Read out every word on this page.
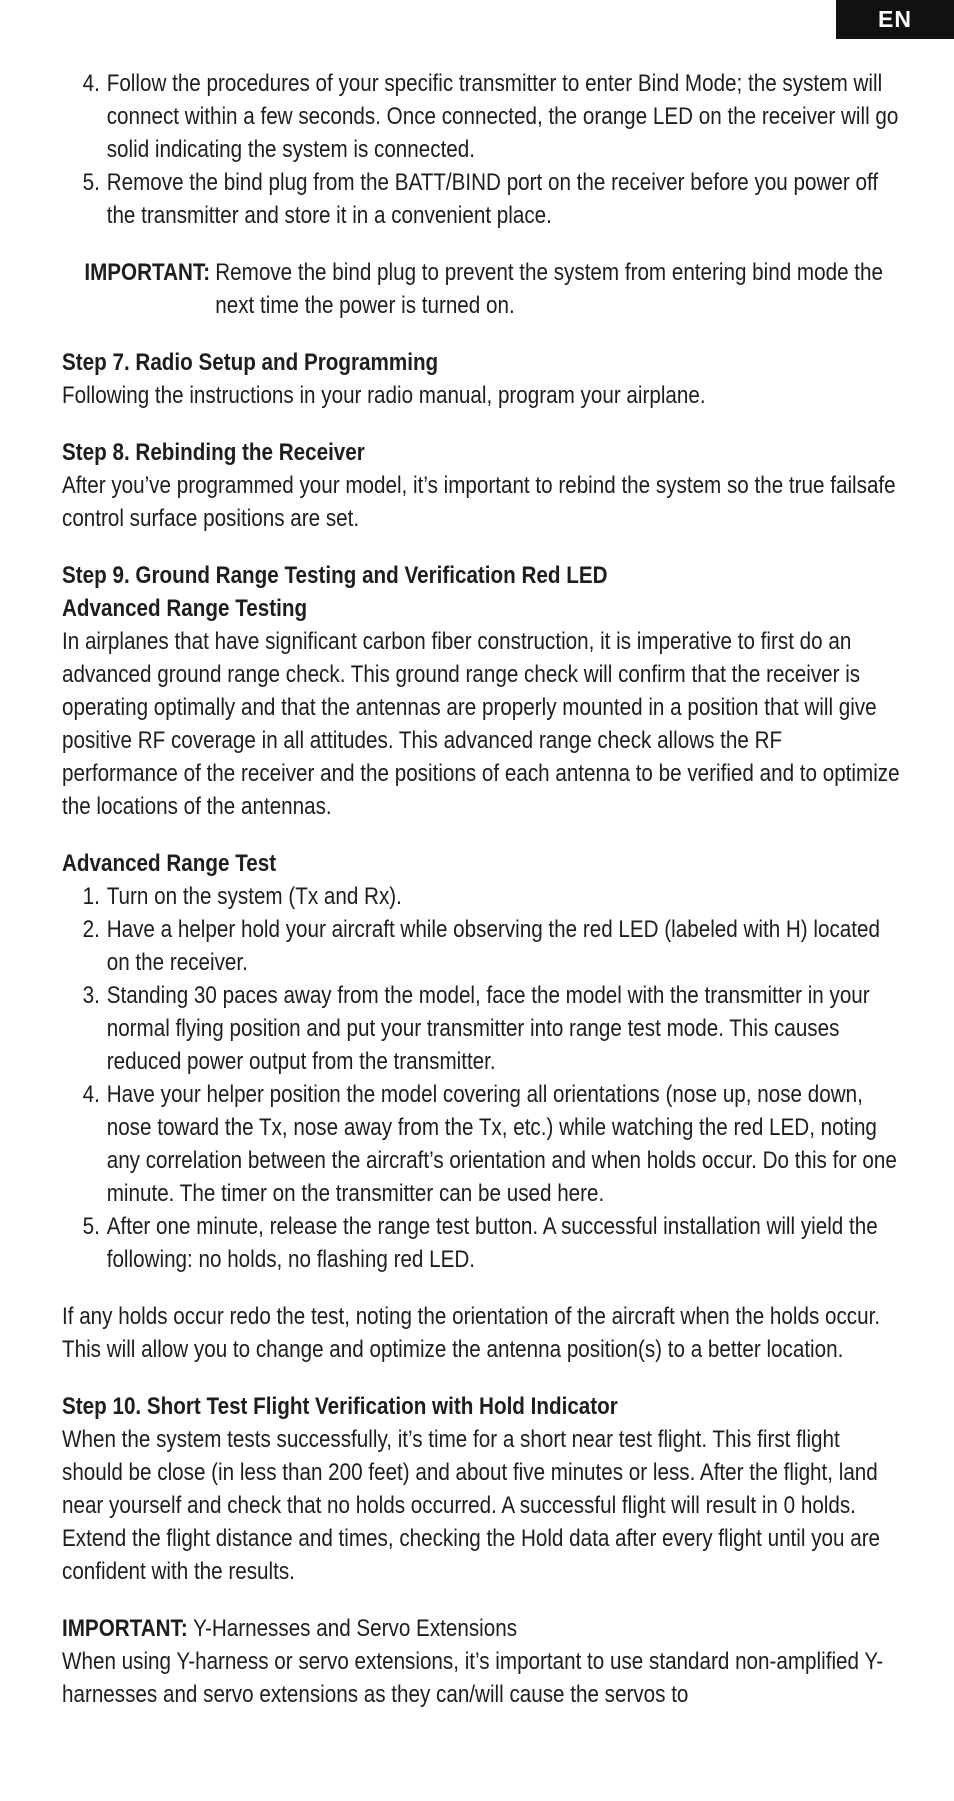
EN
4. Follow the procedures of your specific transmitter to enter Bind Mode; the system will connect within a few seconds. Once connected, the orange LED on the receiver will go solid indicating the system is connected.
5. Remove the bind plug from the BATT/BIND port on the receiver before you power off the transmitter and store it in a convenient place.
IMPORTANT: Remove the bind plug to prevent the system from entering bind mode the next time the power is turned on.

Step 7. Radio Setup and Programming

Following the instructions in your radio manual, program your airplane.

Step 8. Rebinding the Receiver

After you’ve programmed your model, it’s important to rebind the system so the true failsafe control surface positions are set.

Step 9. Ground Range Testing and Verification Red LED

Advanced Range Testing

In airplanes that have significant carbon fiber construction, it is imperative to first do an advanced ground range check. This ground range check will confirm that the receiver is operating optimally and that the antennas are properly mounted in a position that will give positive RF coverage in all attitudes. This advanced range check allows the RF performance of the receiver and the positions of each antenna to be verified and to optimize the locations of the antennas.

Advanced Range Test

1. Turn on the system (Tx and Rx).
2. Have a helper hold your aircraft while observing the red LED (labeled with H) located on the receiver.
3. Standing 30 paces away from the model, face the model with the transmitter in your normal flying position and put your transmitter into range test mode. This causes reduced power output from the transmitter.
4. Have your helper position the model covering all orientations (nose up, nose down, nose toward the Tx, nose away from the Tx, etc.) while watching the red LED, noting any correlation between the aircraft’s orientation and when holds occur. Do this for one minute. The timer on the transmitter can be used here.
5. After one minute, release the range test button. A successful installation will yield the following: no holds, no flashing red LED.

If any holds occur redo the test, noting the orientation of the aircraft when the holds occur. This will allow you to change and optimize the antenna position(s) to a better location.

Step 10. Short Test Flight Verification with Hold Indicator

When the system tests successfully, it’s time for a short near test flight. This first flight should be close (in less than 200 feet) and about five minutes or less. After the flight, land near yourself and check that no holds occurred. A successful flight will result in 0 holds. Extend the flight distance and times, checking the Hold data after every flight until you are confident with the results.

IMPORTANT: Y-Harnesses and Servo Extensions

When using Y-harness or servo extensions, it’s important to use standard non-amplified Y-harnesses and servo extensions as they can/will cause the servos to
